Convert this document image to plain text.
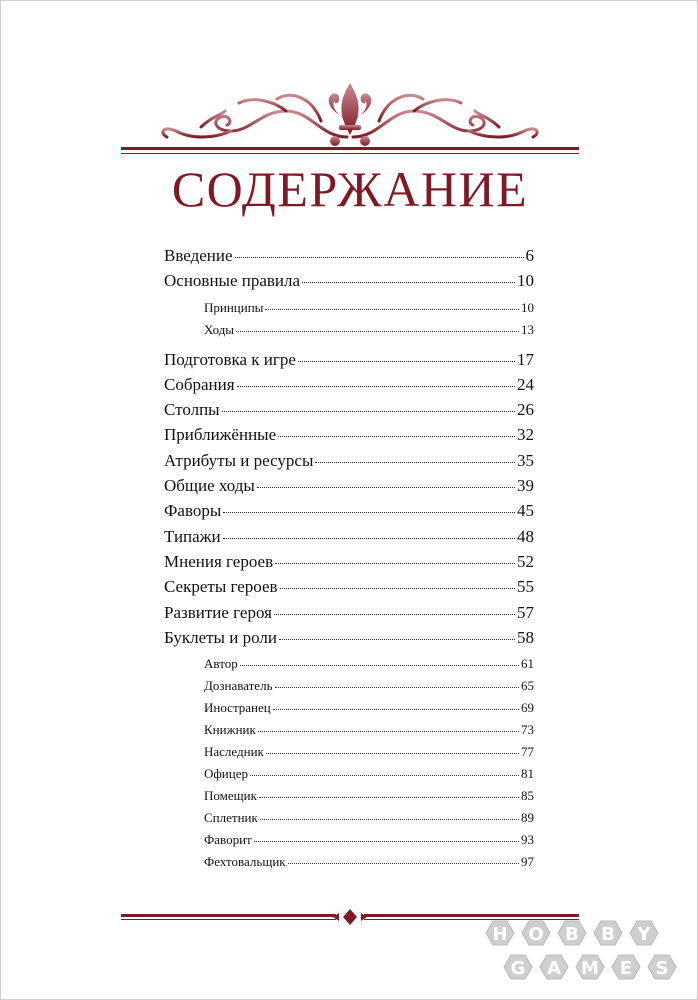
СОДЕРЖАНИЕ
Введение	6
Основные правила	10
Принципы	10
Ходы	13
Подготовка к игре	17
Собрания	24
Столпы	26
Приближённые	32
Атрибуты и ресурсы	35
Общие ходы	39
Фаворы	45
Типажи	48
Мнения героев	52
Секреты героев	55
Развитие героя	57
Буклеты и роли	58
Автор	61
Дознаватель	65
Иностранец	69
Книжник	73
Наследник	77
Офицер	81
Помещик	85
Сплетник	89
Фаворит	93
Фехтовальщик	97
H O B B Y
G A M E S
